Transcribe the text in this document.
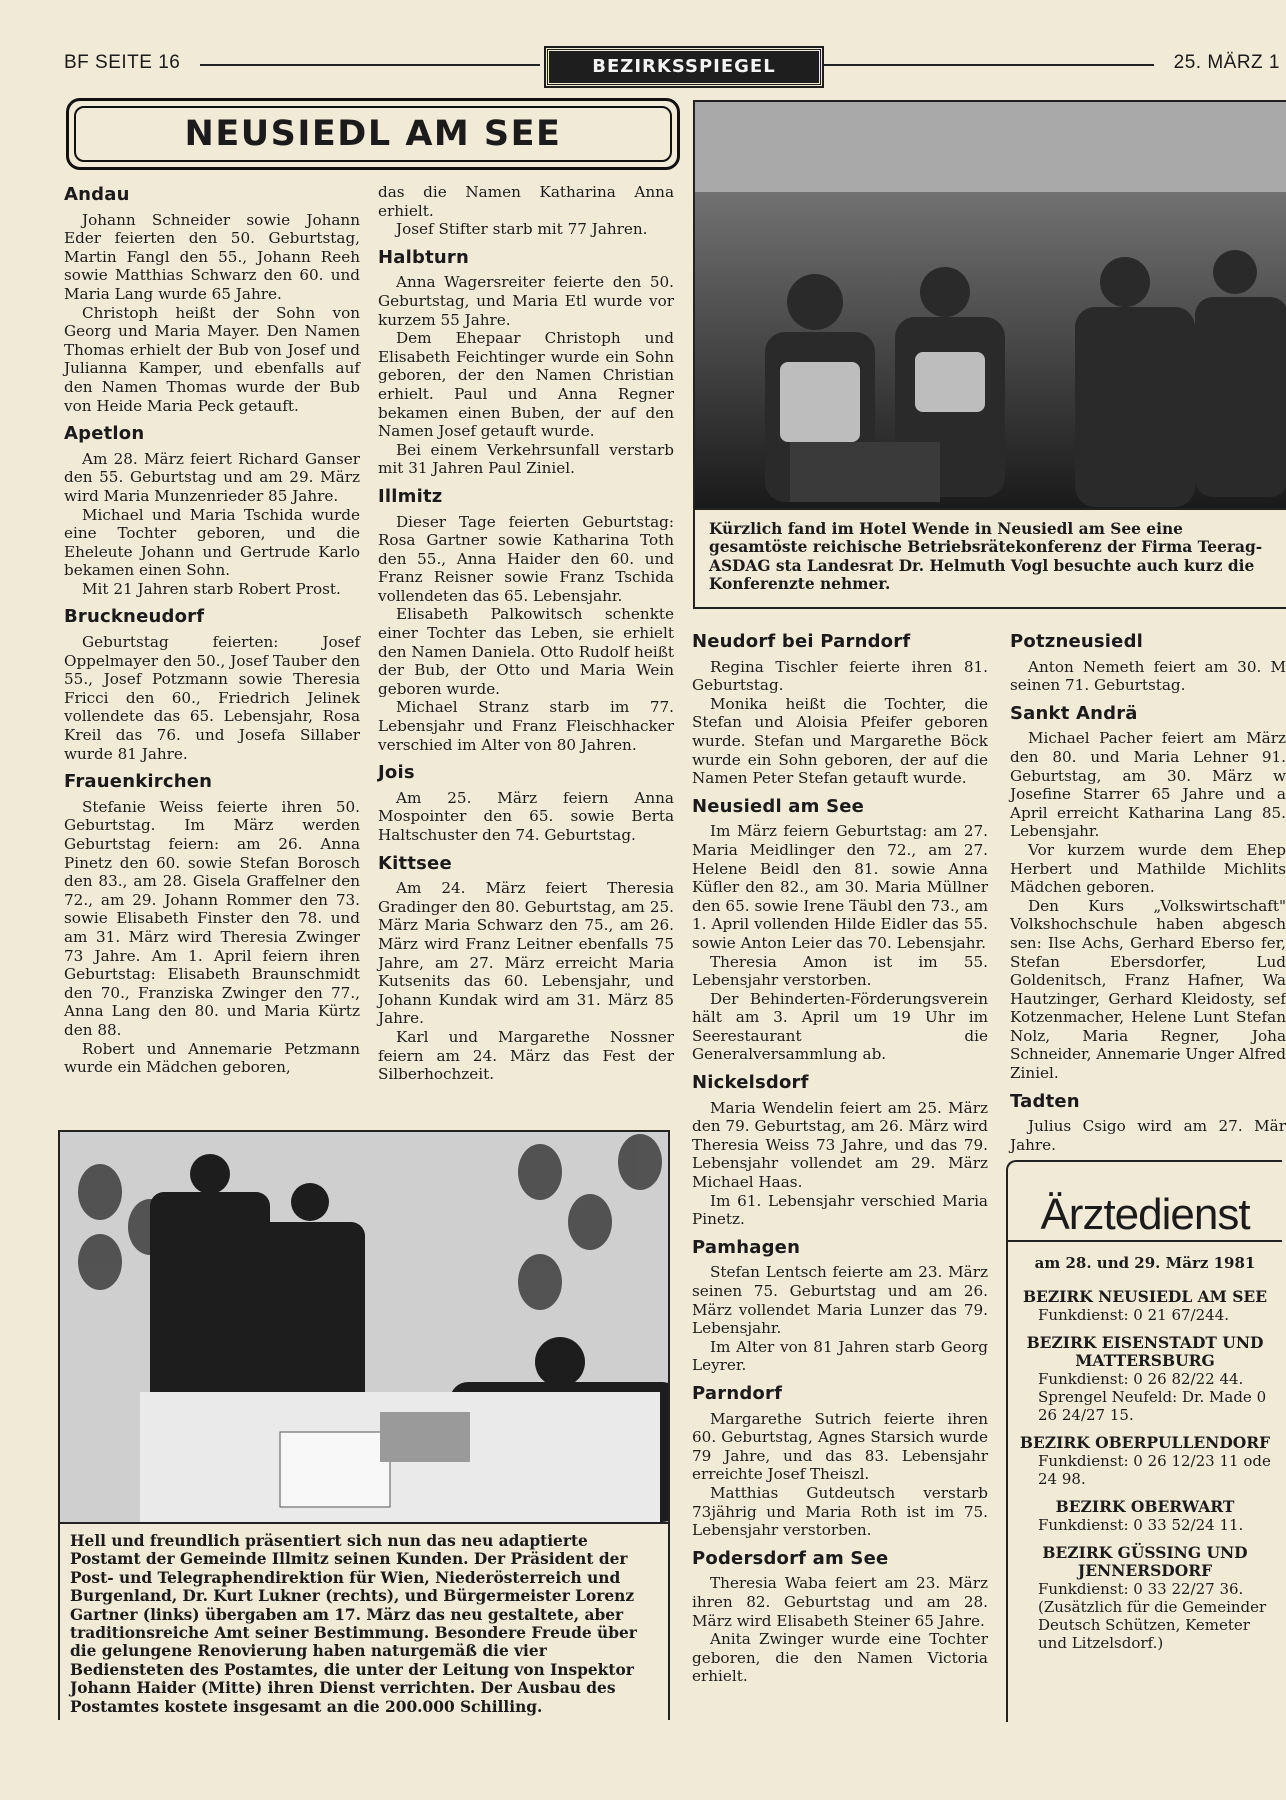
BF SEITE 16	BEZIRKSSPIEGEL	25. MÄRZ 1
NEUSIEDL AM SEE
Andau

Johann Schneider sowie Johann Eder feierten den 50. Geburtstag, Martin Fangl den 55., Johann Reeh sowie Matthias Schwarz den 60. und Maria Lang wurde 65 Jahre.

Christoph heißt der Sohn von Georg und Maria Mayer. Den Namen Thomas erhielt der Bub von Josef und Julianna Kamper, und ebenfalls auf den Namen Thomas wurde der Bub von Heide Maria Peck getauft.

Apetlon

Am 28. März feiert Richard Ganser den 55. Geburtstag und am 29. März wird Maria Munzenrieder 85 Jahre.

Michael und Maria Tschida wurde eine Tochter geboren, und die Eheleute Johann und Gertrude Karlo bekamen einen Sohn.

Mit 21 Jahren starb Robert Prost.

Bruckneudorf

Geburtstag feierten: Josef Oppelmayer den 50., Josef Tauber den 55., Josef Potzmann sowie Theresia Fricci den 60., Friedrich Jelinek vollendete das 65. Lebensjahr, Rosa Kreil das 76. und Josefa Sillaber wurde 81 Jahre.

Frauenkirchen

Stefanie Weiss feierte ihren 50. Geburtstag. Im März werden Geburtstag feiern: am 26. Anna Pinetz den 60. sowie Stefan Borosch den 83., am 28. Gisela Graffelner den 72., am 29. Johann Rommer den 73. sowie Elisabeth Finster den 78. und am 31. März wird Theresia Zwinger 73 Jahre. Am 1. April feiern ihren Geburtstag: Elisabeth Braunschmidt den 70., Franziska Zwinger den 77., Anna Lang den 80. und Maria Kürtz den 88.

Robert und Annemarie Petzmann wurde ein Mädchen geboren,

das die Namen Katharina Anna erhielt.

Josef Stifter starb mit 77 Jahren.

Halbturn

Anna Wagersreiter feierte den 50. Geburtstag, und Maria Etl wurde vor kurzem 55 Jahre.

Dem Ehepaar Christoph und Elisabeth Feichtinger wurde ein Sohn geboren, der den Namen Christian erhielt. Paul und Anna Regner bekamen einen Buben, der auf den Namen Josef getauft wurde.

Bei einem Verkehrsunfall verstarb mit 31 Jahren Paul Ziniel.

Illmitz

Dieser Tage feierten Geburtstag: Rosa Gartner sowie Katharina Toth den 55., Anna Haider den 60. und Franz Reisner sowie Franz Tschida vollendeten das 65. Lebensjahr.

Elisabeth Palkowitsch schenkte einer Tochter das Leben, sie erhielt den Namen Daniela. Otto Rudolf heißt der Bub, der Otto und Maria Wein geboren wurde.

Michael Stranz starb im 77. Lebensjahr und Franz Fleischhacker verschied im Alter von 80 Jahren.

Jois

Am 25. März feiern Anna Mospointer den 65. sowie Berta Haltschuster den 74. Geburtstag.

Kittsee

Am 24. März feiert Theresia Gradinger den 80. Geburtstag, am 25. März Maria Schwarz den 75., am 26. März wird Franz Leitner ebenfalls 75 Jahre, am 27. März erreicht Maria Kutsenits das 60. Lebensjahr, und Johann Kundak wird am 31. März 85 Jahre.

Karl und Margarethe Nossner feiern am 24. März das Fest der Silberhochzeit.

Neudorf bei Parndorf

Regina Tischler feierte ihren 81. Geburtstag.

Monika heißt die Tochter, die Stefan und Aloisia Pfeifer geboren wurde. Stefan und Margarethe Böck wurde ein Sohn geboren, der auf die Namen Peter Stefan getauft wurde.

Neusiedl am See

Im März feiern Geburtstag: am 27. Maria Meidlinger den 72., am 27. Helene Beidl den 81. sowie Anna Küfler den 82., am 30. Maria Müllner den 65. sowie Irene Täubl den 73., am 1. April vollenden Hilde Eidler das 55. sowie Anton Leier das 70. Lebensjahr.

Theresia Amon ist im 55. Lebensjahr verstorben.

Der Behinderten-Förderungsverein hält am 3. April um 19 Uhr im Seerestaurant die Generalversammlung ab.

Nickelsdorf

Maria Wendelin feiert am 25. März den 79. Geburtstag, am 26. März wird Theresia Weiss 73 Jahre, und das 79. Lebensjahr vollendet am 29. März Michael Haas.

Im 61. Lebensjahr verschied Maria Pinetz.

Pamhagen

Stefan Lentsch feierte am 23. März seinen 75. Geburtstag und am 26. März vollendet Maria Lunzer das 79. Lebensjahr.

Im Alter von 81 Jahren starb Georg Leyrer.

Parndorf

Margarethe Sutrich feierte ihren 60. Geburtstag, Agnes Starsich wurde 79 Jahre, und das 83. Lebensjahr erreichte Josef Theiszl.

Matthias Gutdeutsch verstarb 73jährig und Maria Roth ist im 75. Lebensjahr verstorben.

Podersdorf am See

Theresia Waba feiert am 23. März ihren 82. Geburtstag und am 28. März wird Elisabeth Steiner 65 Jahre.

Anita Zwinger wurde eine Tochter geboren, die den Namen Victoria erhielt.

Potzneusiedl

Anton Nemeth feiert am 30. M seinen 71. Geburtstag.

Sankt Andrä

Michael Pacher feiert am März den 80. und Maria Lehner 91. Geburtstag, am 30. März w Josefine Starrer 65 Jahre und a April erreicht Katharina Lang 85. Lebensjahr.

Vor kurzem wurde dem Ehep Herbert und Mathilde Michlits Mädchen geboren.

Den Kurs „Volkswirtschaft" Volkshochschule haben abgesch sen: Ilse Achs, Gerhard Eberso fer, Stefan Ebersdorfer, Lud Goldenitsch, Franz Hafner, Wa Hautzinger, Gerhard Kleidosty, sef Kotzenmacher, Helene Lunt Stefan Nolz, Maria Regner, Joha Schneider, Annemarie Unger Alfred Ziniel.

Tadten

Julius Csigo wird am 27. Mär Jahre.

Kürzlich fand im Hotel Wende in Neusiedl am See eine gesamtöste reichische Betriebsrätekonferenz der Firma Teerag-ASDAG sta Landesrat Dr. Helmuth Vogl besuchte auch kurz die Konferenzte nehmer.
Hell und freundlich präsentiert sich nun das neu adaptierte Postamt der Gemeinde Illmitz seinen Kunden. Der Präsident der Post- und Telegraphendirektion für Wien, Niederösterreich und Burgenland, Dr. Kurt Lukner (rechts), und Bürgermeister Lorenz Gartner (links) übergaben am 17. März das neu gestaltete, aber traditionsreiche Amt seiner Bestimmung. Besondere Freude über die gelungene Renovierung haben naturgemäß die vier Bediensteten des Postamtes, die unter der Leitung von Inspektor Johann Haider (Mitte) ihren Dienst verrichten. Der Ausbau des Postamtes kostete insgesamt an die 200.000 Schilling.
Ärztedienst
am 28. und 29. März 1981
BEZIRK NEUSIEDL AM SEE
Funkdienst: 0 21 67/244.
BEZIRK EISENSTADT UND MATTERSBURG
Funkdienst: 0 26 82/22 44. Sprengel Neufeld: Dr. Made 0 26 24/27 15.
BEZIRK OBERPULLENDORF
Funkdienst: 0 26 12/23 11 ode 24 98.
BEZIRK OBERWART
Funkdienst: 0 33 52/24 11.
BEZIRK GÜSSING UND JENNERSDORF
Funkdienst: 0 33 22/27 36. (Zusätzlich für die Gemeinder Deutsch Schützen, Kemeter und Litzelsdorf.)
